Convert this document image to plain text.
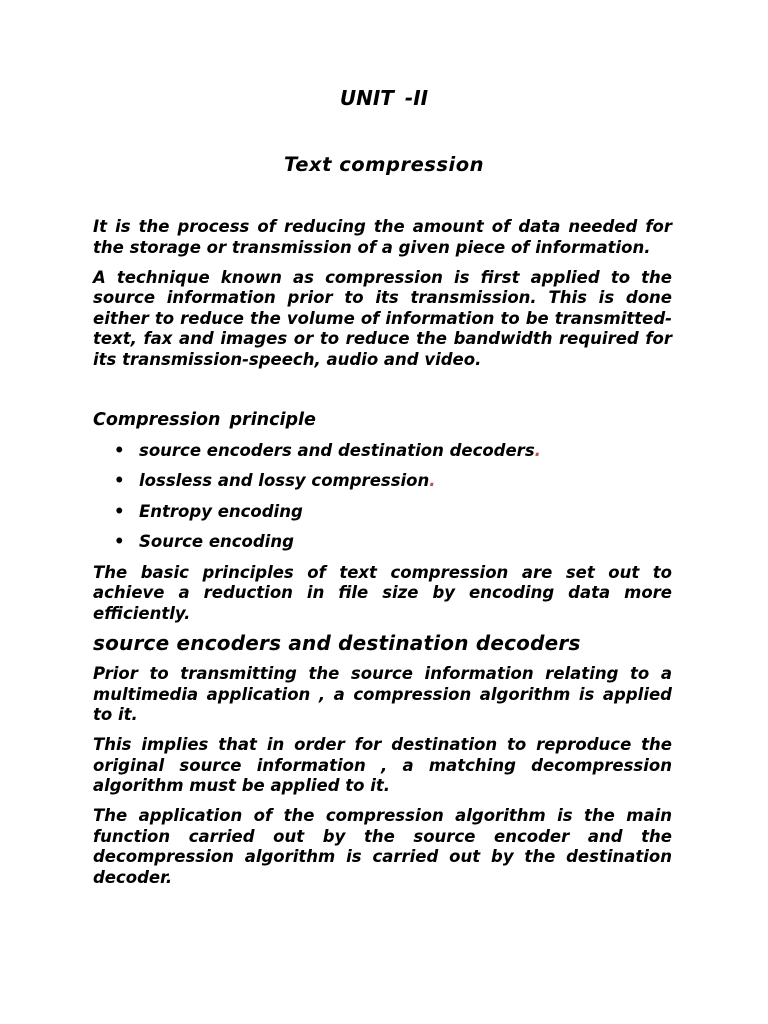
UNIT -II
Text compression

It is the process of reducing the amount of data needed for the storage or transmission of a given piece of information.

A technique known as compression is first applied to the source information prior to its transmission. This is done either to reduce the volume of information to be transmitted- text, fax and images or to reduce the bandwidth required for its transmission-speech, audio and video.

Compression principle

• source encoders and destination decoders.
• lossless and lossy compression.
• Entropy encoding
• Source encoding

The basic principles of text compression are set out to achieve a reduction in file size by encoding data more efficiently.

source encoders and destination decoders

Prior to transmitting the source information relating to a multimedia application , a compression algorithm is applied to it.

This implies that in order for destination to reproduce the original source information , a matching decompression algorithm must be applied to it.

The application of the compression algorithm is the main function carried out by the source encoder and the decompression algorithm is carried out by the destination decoder.
